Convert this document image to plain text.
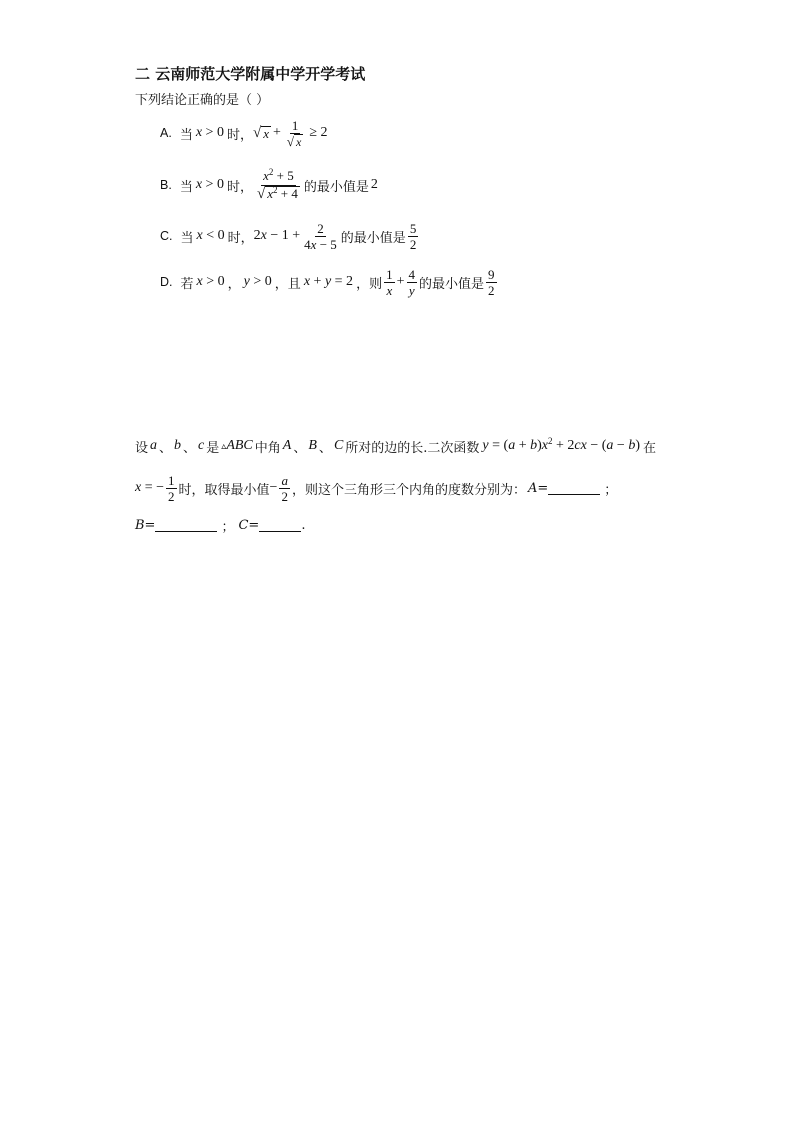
二 云南师范大学附属中学开学考试
下列结论正确的是（ ）
A. 当 x > 0 时， √ $x + \frac{1}{√ x} \ge 2$
B. 当 x > 0 时， $\frac{x^2 + 5}{√ x^2 + 4}$ 的最小值是 2
C. 当 x < 0 时， $2x - 1 + \frac{2}{4x - 5}$ 的最小值是 $\frac{5}{2}$
D. 若 x > 0 ， y > 0 ， 且 x + y = 2 ， 则 $\frac{1}{x} + \frac{4}{y}$ 的最小值是 $\frac{9}{2}$
设 a 、 b 、 c 是 ▵ABC 中角 A 、 B 、 C 所对的边的长.二次函数 $y = (a + b)x^2 + 2cx - (a - b)$ 在
x = − $\frac{1}{2}$ 时，取得最小值 − $\frac{a}{2}$ ，则这个三角形三个内角的度数分别为： A=	；
B=	； C=	.
